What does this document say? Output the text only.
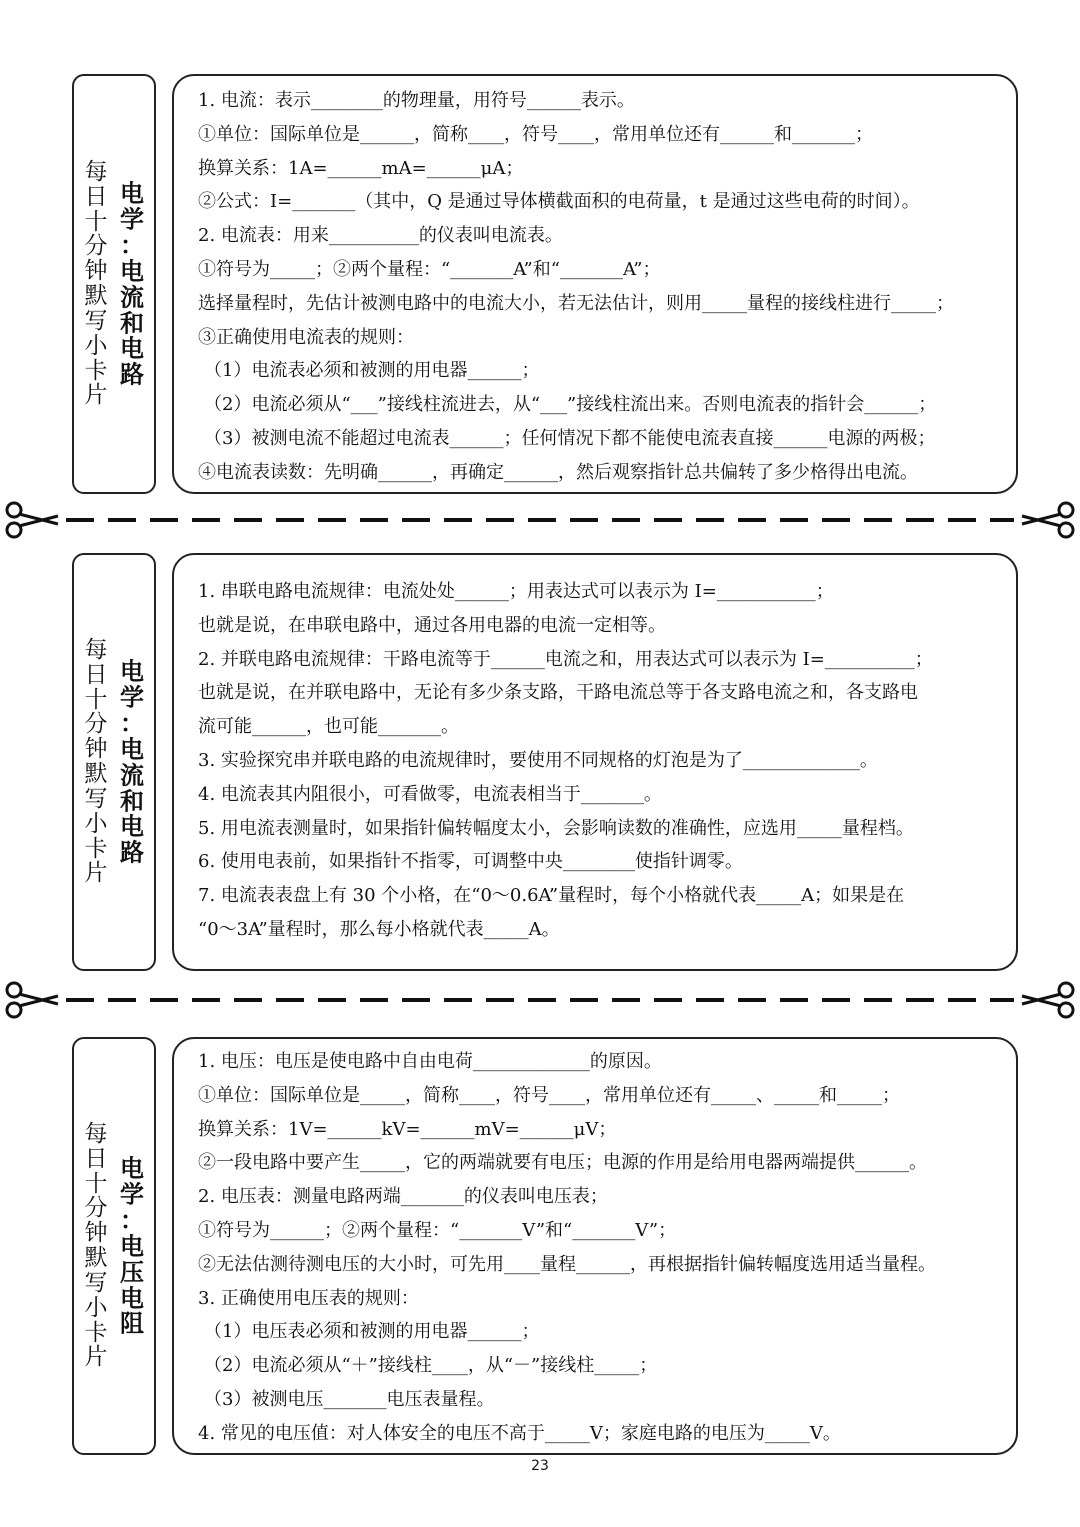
每
日
十
分
钟
默
写
小
卡
片
电
学
：
电
流
和
电
路
1. 电流：表示________的物理量，用符号______表示。
①单位：国际单位是______，简称____，符号____，常用单位还有______和_______；
换算关系：1A=______mA=______μA；
②公式：I=_______（其中，Q 是通过导体横截面积的电荷量，t 是通过这些电荷的时间）。
2. 电流表：用来__________的仪表叫电流表。
①符号为_____；②两个量程：“_______A”和“_______A”；
选择量程时，先估计被测电路中的电流大小，若无法估计，则用_____量程的接线柱进行_____；
③正确使用电流表的规则：
（1）电流表必须和被测的用电器______；
（2）电流必须从“___”接线柱流进去，从“___”接线柱流出来。否则电流表的指针会______；
（3）被测电流不能超过电流表______；任何情况下都不能使电流表直接______电源的两极；
④电流表读数：先明确______，再确定______，然后观察指针总共偏转了多少格得出电流。
每
日
十
分
钟
默
写
小
卡
片
电
学
：
电
流
和
电
路
1. 串联电路电流规律：电流处处______；用表达式可以表示为 I=___________；
也就是说，在串联电路中，通过各用电器的电流一定相等。
2. 并联电路电流规律：干路电流等于______电流之和，用表达式可以表示为 I=__________；
也就是说，在并联电路中，无论有多少条支路，干路电流总等于各支路电流之和，各支路电
流可能______，也可能_______。
3. 实验探究串并联电路的电流规律时，要使用不同规格的灯泡是为了_____________。
4. 电流表其内阻很小，可看做零，电流表相当于_______。
5. 用电流表测量时，如果指针偏转幅度太小，会影响读数的准确性，应选用_____量程档。
6. 使用电表前，如果指针不指零，可调整中央________使指针调零。
7. 电流表表盘上有 30 个小格，在“0～0.6A”量程时，每个小格就代表_____A；如果是在
“0～3A”量程时，那么每小格就代表_____A。
每
日
十
分
钟
默
写
小
卡
片
电
学
：
电
压
电
阻
1. 电压：电压是使电路中自由电荷_____________的原因。
①单位：国际单位是_____，简称____，符号____，常用单位还有_____、_____和_____；
换算关系：1V=______kV=______mV=______μV；
②一段电路中要产生_____，它的两端就要有电压；电源的作用是给用电器两端提供______。
2. 电压表：测量电路两端_______的仪表叫电压表；
①符号为______；②两个量程：“_______V”和“_______V”；
②无法估测待测电压的大小时，可先用____量程______，再根据指针偏转幅度选用适当量程。
3. 正确使用电压表的规则：
（1）电压表必须和被测的用电器______；
（2）电流必须从“＋”接线柱____，从“－”接线柱_____；
（3）被测电压_______电压表量程。
4. 常见的电压值：对人体安全的电压不高于_____V；家庭电路的电压为_____V。
23
